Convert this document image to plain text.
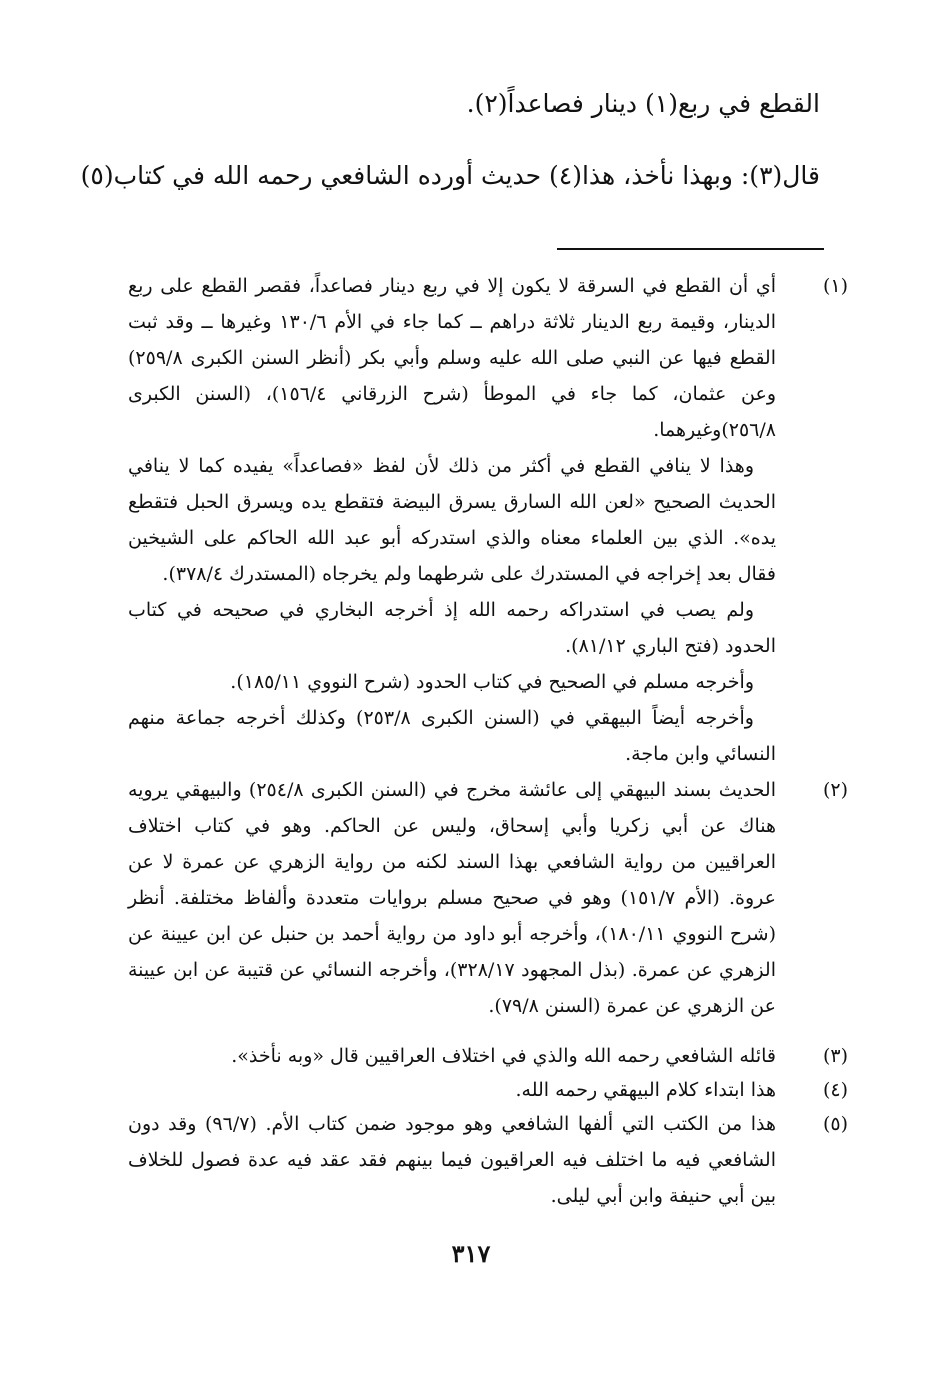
القطع في ربع(١) دينار فصاعداً(٢).
قال(٣): وبهذا نأخذ، هذا(٤) حديث أورده الشافعي رحمه الله في كتاب(٥)
(١)

أي أن القطع في السرقة لا يكون إلا في ربع دينار فصاعداً، فقصر القطع على ربع الدينار، وقيمة ربع الدينار ثلاثة دراهم ــ كما جاء في الأم ١٣٠/٦ وغيرها ــ وقد ثبت القطع فيها عن النبي صلى الله عليه وسلم وأبي بكر (أنظر السنن الكبرى ٢٥٩/٨) وعن عثمان، كما جاء في الموطأ (شرح الزرقاني ١٥٦/٤)، (السنن الكبرى ٢٥٦/٨)وغيرهما.

وهذا لا ينافي القطع في أكثر من ذلك لأن لفظ «فصاعداً» يفيده كما لا ينافي الحديث الصحيح «لعن الله السارق يسرق البيضة فتقطع يده ويسرق الحبل فتقطع يده». الذي بين العلماء معناه والذي استدركه أبو عبد الله الحاكم على الشيخين فقال بعد إخراجه في المستدرك على شرطهما ولم يخرجاه (المستدرك ٣٧٨/٤).

ولم يصب في استدراكه رحمه الله إذ أخرجه البخاري في صحيحه في كتاب الحدود (فتح الباري ٨١/١٢).

وأخرجه مسلم في الصحيح في كتاب الحدود (شرح النووي ١٨٥/١١).

وأخرجه أيضاً البيهقي في (السنن الكبرى ٢٥٣/٨) وكذلك أخرجه جماعة منهم النسائي وابن ماجة.

(٢)

الحديث بسند البيهقي إلى عائشة مخرج في (السنن الكبرى ٢٥٤/٨) والبيهقي يرويه هناك عن أبي زكريا وأبي إسحاق، وليس عن الحاكم. وهو في كتاب اختلاف العراقيين من رواية الشافعي بهذا السند لكنه من رواية الزهري عن عمرة لا عن عروة. (الأم ١٥١/٧) وهو في صحيح مسلم بروايات متعددة وألفاظ مختلفة. أنظر (شرح النووي ١٨٠/١١)، وأخرجه أبو داود من رواية أحمد بن حنبل عن ابن عيينة عن الزهري عن عمرة. (بذل المجهود ٣٢٨/١٧)، وأخرجه النسائي عن قتيبة عن ابن عيينة عن الزهري عن عمرة (السنن ٧٩/٨).

(٣)

قائله الشافعي رحمه الله والذي في اختلاف العراقيين قال «وبه نأخذ».

(٤)

هذا ابتداء كلام البيهقي رحمه الله.

(٥)

هذا من الكتب التي ألفها الشافعي وهو موجود ضمن كتاب الأم. (٩٦/٧) وقد دون الشافعي فيه ما اختلف فيه العراقيون فيما بينهم فقد عقد فيه عدة فصول للخلاف بين أبي حنيفة وابن أبي ليلى.

٣١٧
